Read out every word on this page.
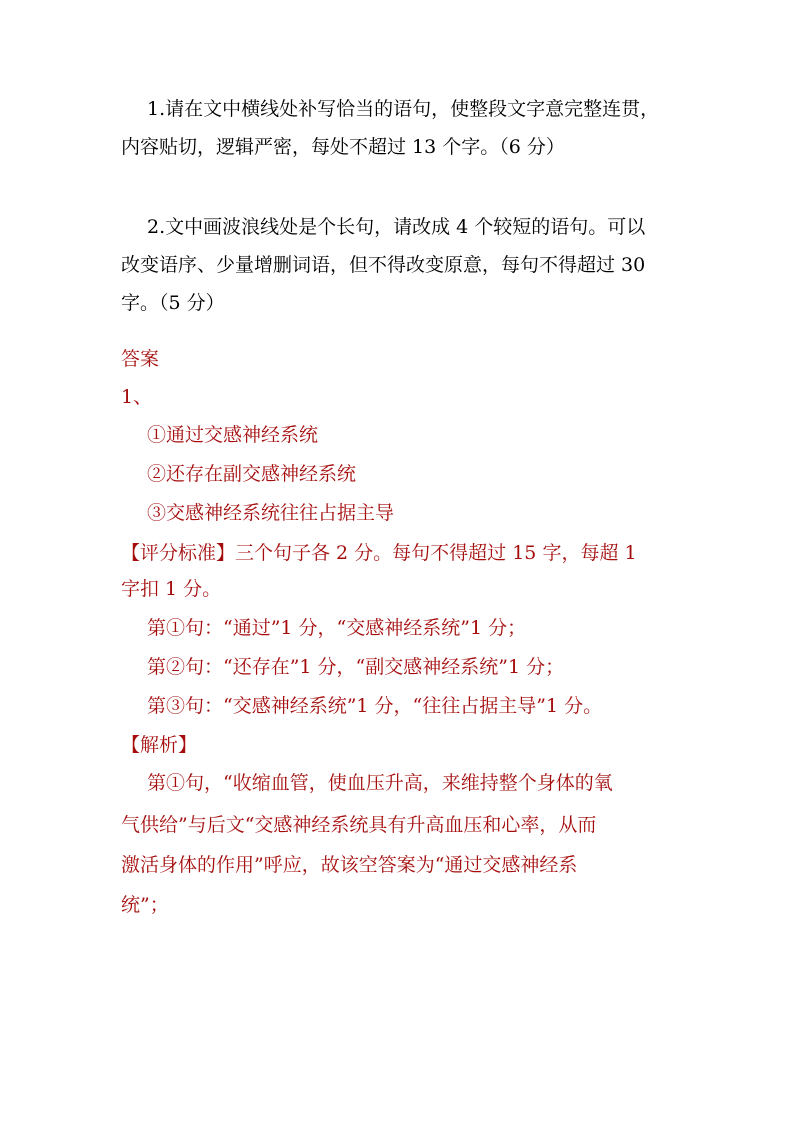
1.请在文中横线处补写恰当的语句，使整段文字意完整连贯，
内容贴切，逻辑严密，每处不超过 13 个字。（6 分）
2.文中画波浪线处是个长句，请改成 4 个较短的语句。可以
改变语序、少量增删词语，但不得改变原意，每句不得超过 30
字。（5 分）
答案
1、
①通过交感神经系统
②还存在副交感神经系统
③交感神经系统往往占据主导
【评分标准】三个句子各 2 分。每句不得超过 15 字，每超 1
字扣 1 分。
第①句：“通过”1 分，“交感神经系统”1 分；
第②句：“还存在”1 分，“副交感神经系统”1 分；
第③句：“交感神经系统”1 分，“往往占据主导”1 分。
【解析】
第①句，“收缩血管，使血压升高，来维持整个身体的氧
气供给”与后文“交感神经系统具有升高血压和心率，从而
激活身体的作用”呼应，故该空答案为“通过交感神经系
统”；
